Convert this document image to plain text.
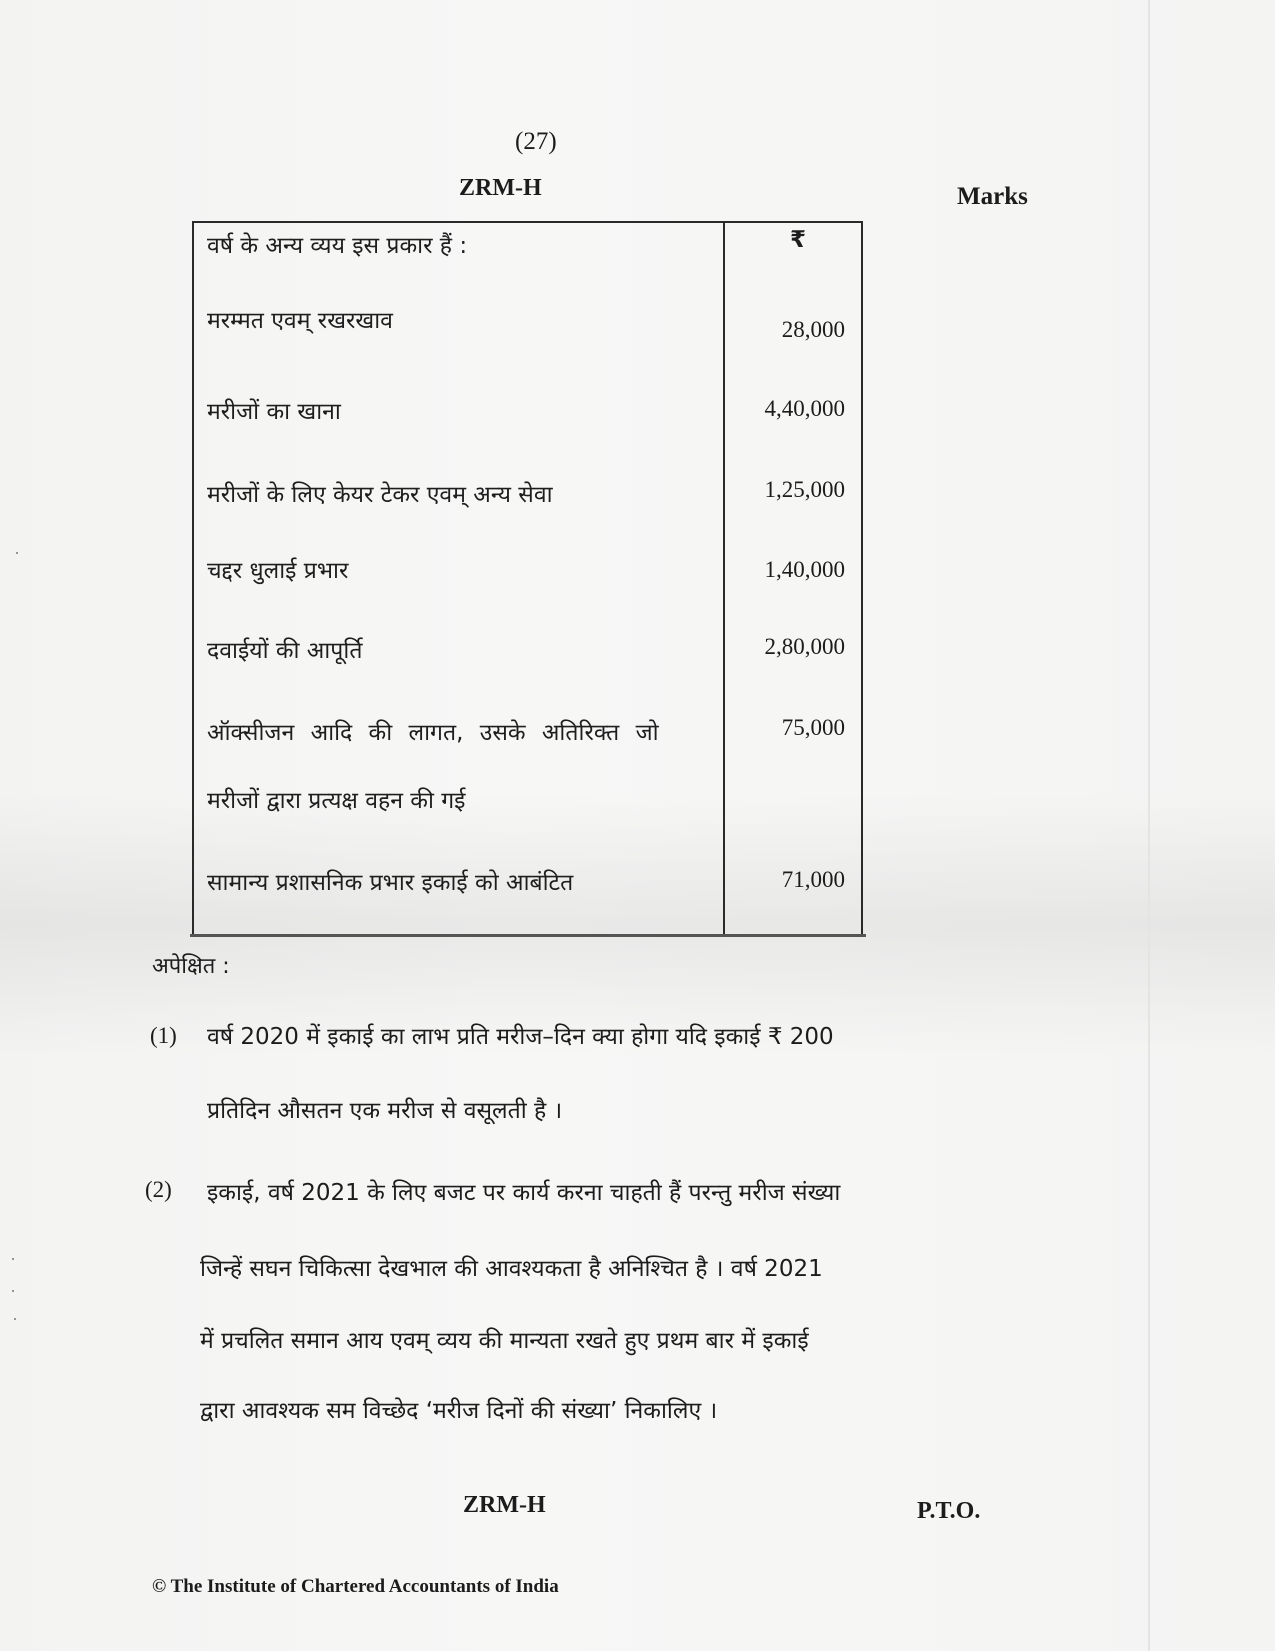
(27)
ZRM-H	Marks
वर्ष के अन्य व्यय इस प्रकार हैं :	₹
मरम्मत एवम् रखरखाव	28,000
मरीजों का खाना	4,40,000
मरीजों के लिए केयर टेकर एवम् अन्य सेवा	1,25,000
चद्दर धुलाई प्रभार	1,40,000
दवाईयों की आपूर्ति	2,80,000
ऑक्सीजन आदि की लागत, उसके अतिरिक्त जो	75,000
मरीजों द्वारा प्रत्यक्ष वहन की गई
सामान्य प्रशासनिक प्रभार इकाई को आबंटित	71,000
अपेक्षित :
(1) वर्ष 2020 में इकाई का लाभ प्रति मरीज–दिन क्या होगा यदि इकाई ₹ 200
प्रतिदिन औसतन एक मरीज से वसूलती है ।
(2) इकाई, वर्ष 2021 के लिए बजट पर कार्य करना चाहती हैं परन्तु मरीज संख्या
जिन्हें सघन चिकित्सा देखभाल की आवश्यकता है अनिश्चित है । वर्ष 2021
में प्रचलित समान आय एवम् व्यय की मान्यता रखते हुए प्रथम बार में इकाई
द्वारा आवश्यक सम विच्छेद ‘मरीज दिनों की संख्या’ निकालिए ।
ZRM-H	P.T.O.
© The Institute of Chartered Accountants of India
